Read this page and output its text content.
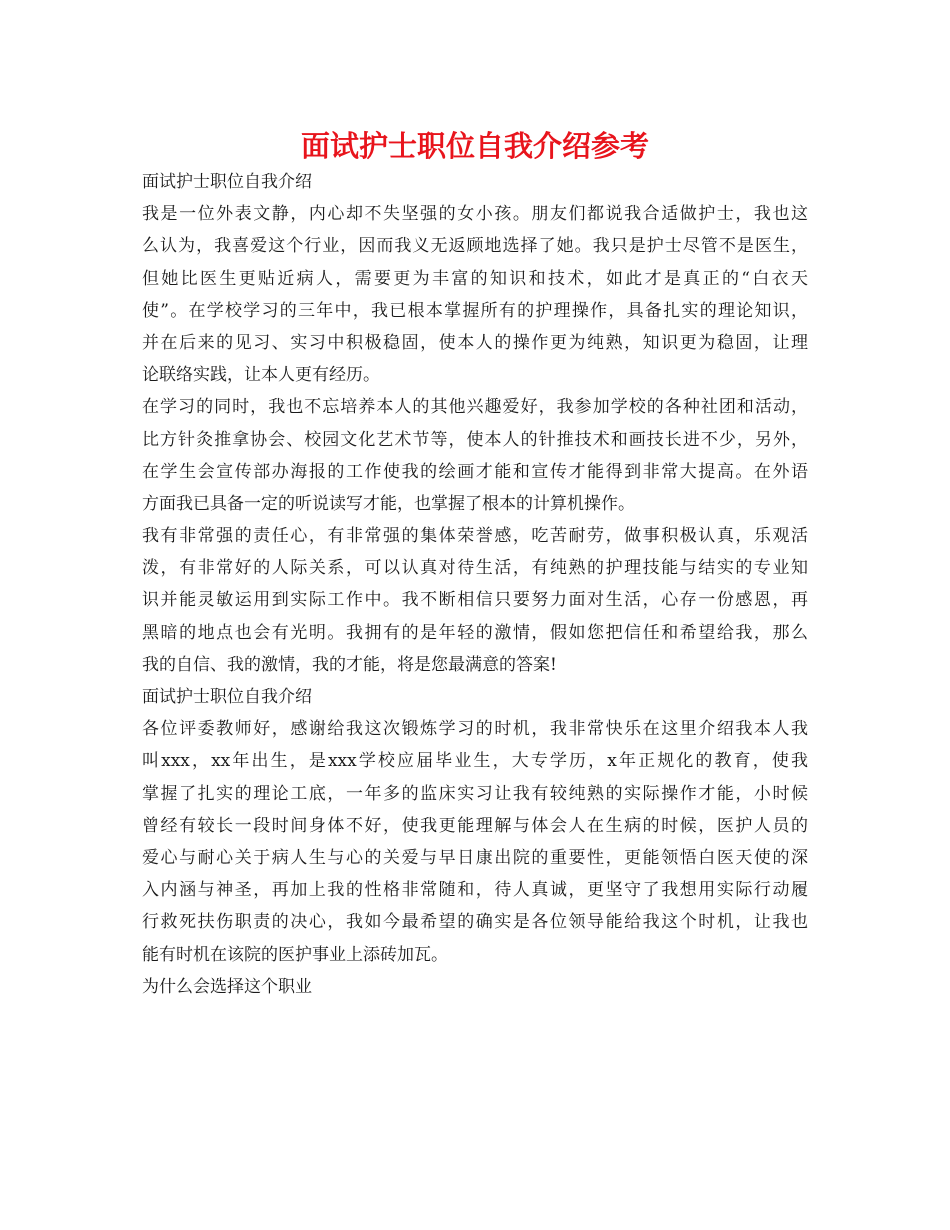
面试护士职位自我介绍参考
面试护士职位自我介绍
我是一位外表文静，内心却不失坚强的女小孩。朋友们都说我合适做护士，我也这
么认为，我喜爱这个行业，因而我义无返顾地选择了她。我只是护士尽管不是医生，
但她比医生更贴近病人，需要更为丰富的知识和技术，如此才是真正的“白衣天
使”。在学校学习的三年中，我已根本掌握所有的护理操作，具备扎实的理论知识，
并在后来的见习、实习中积极稳固，使本人的操作更为纯熟，知识更为稳固，让理
论联络实践，让本人更有经历。
在学习的同时，我也不忘培养本人的其他兴趣爱好，我参加学校的各种社团和活动，
比方针灸推拿协会、校园文化艺术节等，使本人的针推技术和画技长进不少，另外，
在学生会宣传部办海报的工作使我的绘画才能和宣传才能得到非常大提高。在外语
方面我已具备一定的听说读写才能，也掌握了根本的计算机操作。
我有非常强的责任心，有非常强的集体荣誉感，吃苦耐劳，做事积极认真，乐观活
泼，有非常好的人际关系，可以认真对待生活，有纯熟的护理技能与结实的专业知
识并能灵敏运用到实际工作中。我不断相信只要努力面对生活，心存一份感恩，再
黑暗的地点也会有光明。我拥有的是年轻的激情，假如您把信任和希望给我，那么
我的自信、我的激情，我的才能，将是您最满意的答案!
面试护士职位自我介绍
各位评委教师好，感谢给我这次锻炼学习的时机，我非常快乐在这里介绍我本人我
叫xxx，xx年出生，是xxx学校应届毕业生，大专学历，x年正规化的教育，使我
掌握了扎实的理论工底，一年多的监床实习让我有较纯熟的实际操作才能，小时候
曾经有较长一段时间身体不好，使我更能理解与体会人在生病的时候，医护人员的
爱心与耐心关于病人生与心的关爱与早日康出院的重要性，更能领悟白医天使的深
入内涵与神圣，再加上我的性格非常随和，待人真诚，更坚守了我想用实际行动履
行救死扶伤职责的决心，我如今最希望的确实是各位领导能给我这个时机，让我也
能有时机在该院的医护事业上添砖加瓦。
为什么会选择这个职业
